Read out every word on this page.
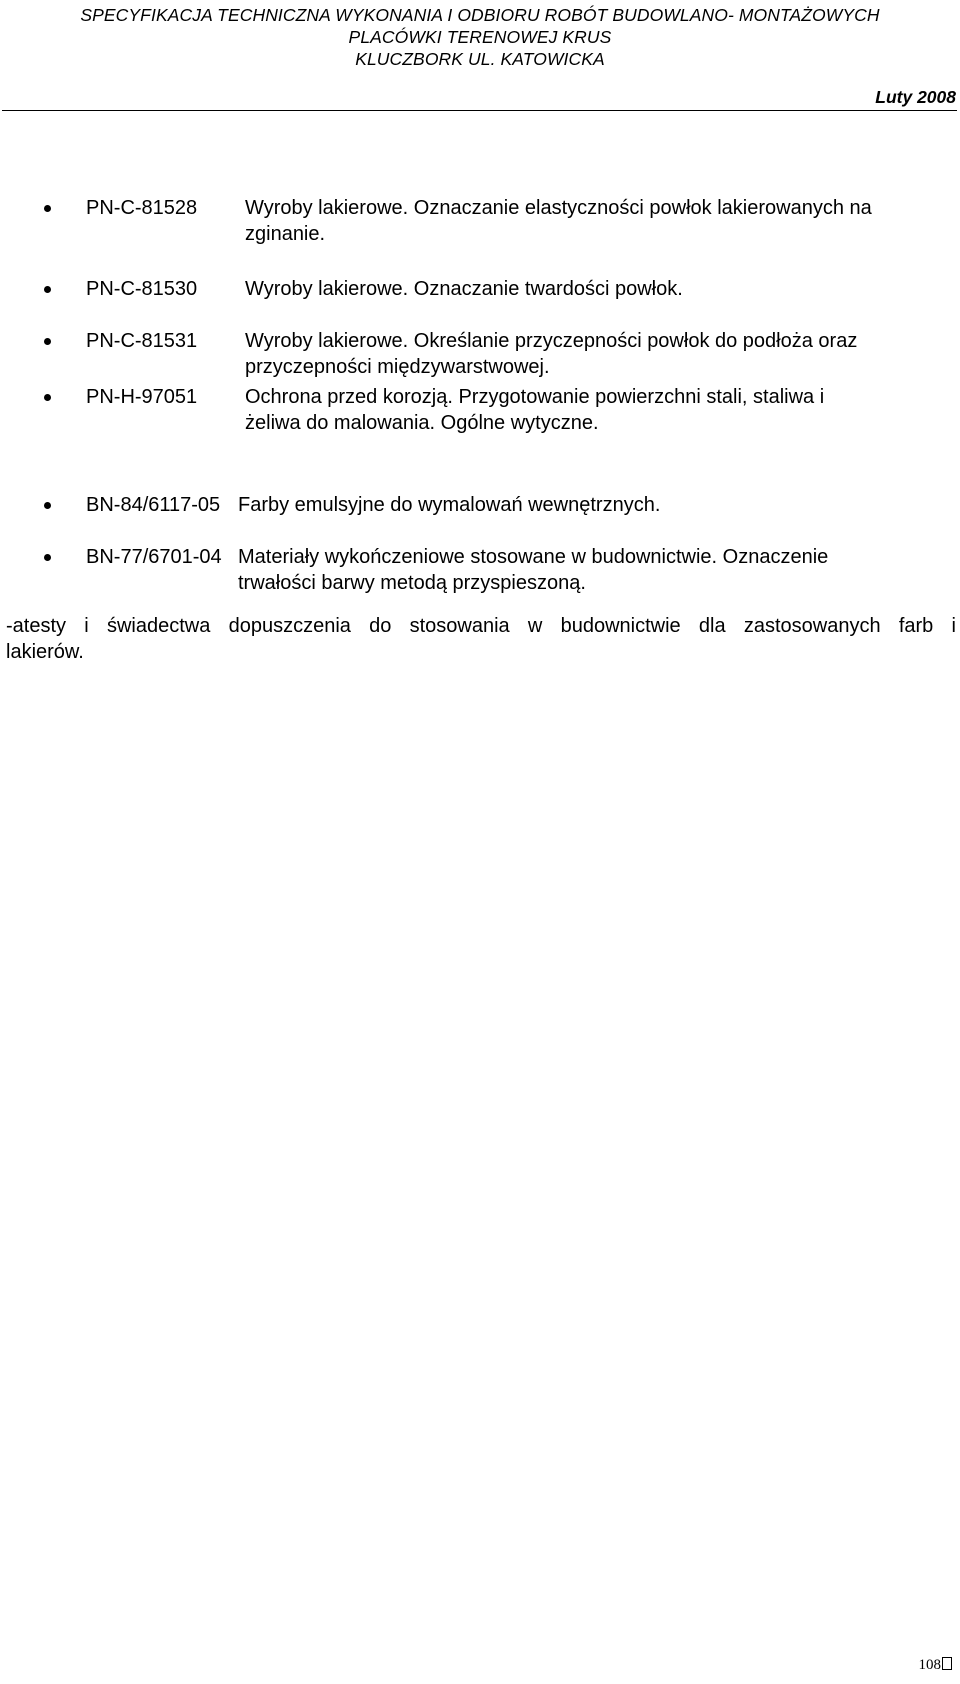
SPECYFIKACJA TECHNICZNA WYKONANIA I ODBIORU ROBÓT BUDOWLANO- MONTAŻOWYCH
PLACÓWKI TERENOWEJ KRUS
KLUCZBORK UL. KATOWICKA
Luty 2008
PN-C-81528 Wyroby lakierowe. Oznaczanie elastyczności powłok lakierowanych na
zginanie.
PN-C-81530 Wyroby lakierowe. Oznaczanie twardości powłok.
PN-C-81531 Wyroby lakierowe. Określanie przyczepności powłok do podłoża oraz
przyczepności międzywarstwowej.
PN-H-97051 Ochrona przed korozją. Przygotowanie powierzchni stali, staliwa i
żeliwa do malowania. Ogólne wytyczne.
BN-84/6117-05 Farby emulsyjne do wymalowań wewnętrznych.
BN-77/6701-04 Materiały wykończeniowe stosowane w budownictwie. Oznaczenie
trwałości barwy metodą przyspieszoną.
-atesty i świadectwa dopuszczenia do stosowania w budownictwie dla zastosowanych farb i
lakierów.
108
